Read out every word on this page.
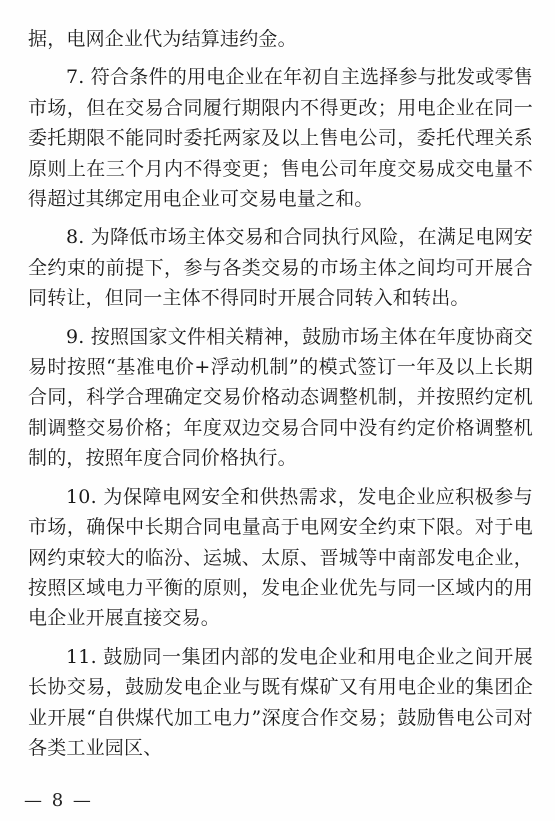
据，电网企业代为结算违约金。

7. 符合条件的用电企业在年初自主选择参与批发或零售市场，但在交易合同履行期限内不得更改；用电企业在同一委托期限不能同时委托两家及以上售电公司，委托代理关系原则上在三个月内不得变更；售电公司年度交易成交电量不得超过其绑定用电企业可交易电量之和。

8. 为降低市场主体交易和合同执行风险，在满足电网安全约束的前提下，参与各类交易的市场主体之间均可开展合同转让，但同一主体不得同时开展合同转入和转出。

9. 按照国家文件相关精神，鼓励市场主体在年度协商交易时按照“基准电价+浮动机制”的模式签订一年及以上长期合同，科学合理确定交易价格动态调整机制，并按照约定机制调整交易价格；年度双边交易合同中没有约定价格调整机制的，按照年度合同价格执行。

10. 为保障电网安全和供热需求，发电企业应积极参与市场，确保中长期合同电量高于电网安全约束下限。对于电网约束较大的临汾、运城、太原、晋城等中南部发电企业，按照区域电力平衡的原则，发电企业优先与同一区域内的用电企业开展直接交易。

11. 鼓励同一集团内部的发电企业和用电企业之间开展长协交易，鼓励发电企业与既有煤矿又有用电企业的集团企业开展“自供煤代加工电力”深度合作交易；鼓励售电公司对各类工业园区、

— 8 —
